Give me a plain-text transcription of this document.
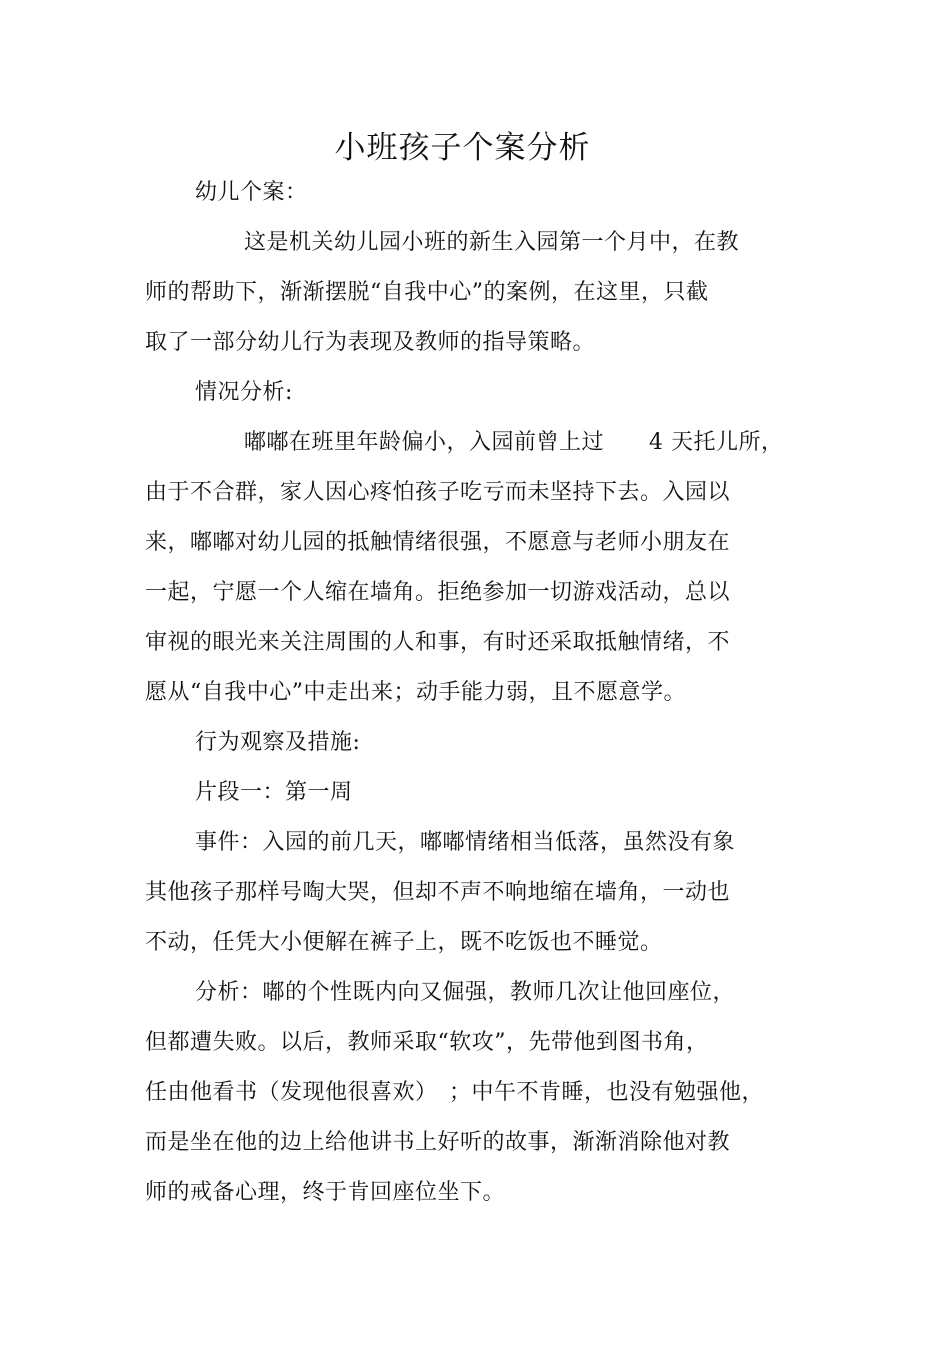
小班孩子个案分析
幼儿个案：
这是机关幼儿园小班的新生入园第一个月中，在教
师的帮助下，渐渐摆脱“自我中心”的案例，在这里，只截
取了一部分幼儿行为表现及教师的指导策略。
情况分析:
嘟嘟在班里年龄偏小，入园前曾上过　　4 天托儿所，
由于不合群，家人因心疼怕孩子吃亏而未坚持下去。入园以
来，嘟嘟对幼儿园的抵触情绪很强，不愿意与老师小朋友在
一起，宁愿一个人缩在墙角。拒绝参加一切游戏活动，总以
审视的眼光来关注周围的人和事，有时还采取抵触情绪，不
愿从“自我中心”中走出来；动手能力弱，且不愿意学。
行为观察及措施:
片段一：第一周
事件：入园的前几天，嘟嘟情绪相当低落，虽然没有象
其他孩子那样号啕大哭，但却不声不响地缩在墙角，一动也
不动，任凭大小便解在裤子上，既不吃饭也不睡觉。
分析：嘟的个性既内向又倔强，教师几次让他回座位，
但都遭失败。以后，教师采取“软攻”，先带他到图书角，
任由他看书（发现他很喜欢）　；中午不肯睡，也没有勉强他，
而是坐在他的边上给他讲书上好听的故事，渐渐消除他对教
师的戒备心理，终于肯回座位坐下。
